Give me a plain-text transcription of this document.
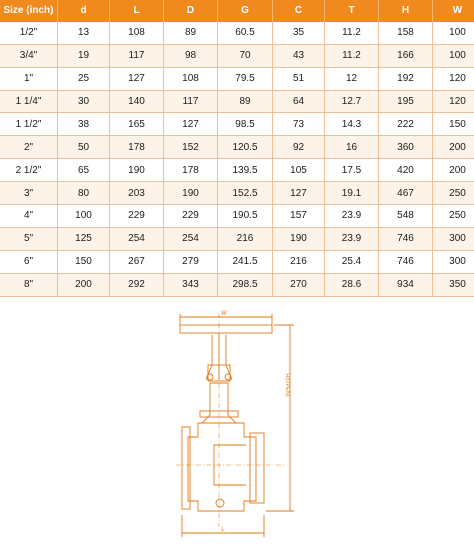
Size (inch)	d	L	D	G	C	T	H	W
1/2"	13	108	89	60.5	35	11.2	158	100
3/4"	19	117	98	70	43	11.2	166	100
1"	25	127	108	79.5	51	12	192	120
1 1/4"	30	140	117	89	64	12.7	195	120
1 1/2"	38	165	127	98.5	73	14.3	222	150
2"	50	178	152	120.5	92	16	360	200
2 1/2"	65	190	178	139.5	105	17.5	420	200
3"	80	203	190	152.5	127	19.1	467	250
4"	100	229	229	190.5	157	23.9	548	250
5"	125	254	254	216	190	23.9	746	300
6"	150	267	279	241.5	216	25.4	746	300
8"	200	292	343	298.5	270	28.6	934	350
W
H(OPEN)
L
